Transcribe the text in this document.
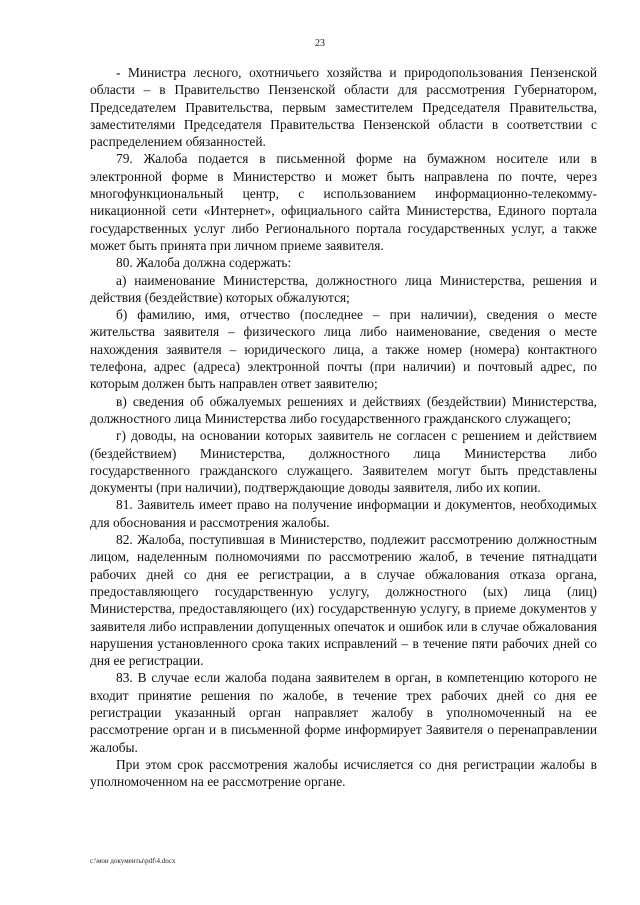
23

- Министра лесного, охотничьего хозяйства и природопользования Пензенской области – в Правительство Пензенской области для рассмотрения Губернатором, Председателем Правительства, первым заместителем Председателя Правительства, заместителями Председателя Правительства Пензенской области в соответствии с распределением обязанностей.

79. Жалоба подается в письменной форме на бумажном носителе или в электронной форме в Министерство и может быть направлена по почте, через многофункциональный центр, с использованием информационно-телекоммуникационной сети «Интернет», официального сайта Министерства, Единого портала государственных услуг либо Регионального портала государственных услуг, а также может быть принята при личном приеме заявителя.

80. Жалоба должна содержать:

а) наименование Министерства, должностного лица Министерства, решения и действия (бездействие) которых обжалуются;

б) фамилию, имя, отчество (последнее – при наличии), сведения о месте жительства заявителя – физического лица либо наименование, сведения о месте нахождения заявителя – юридического лица, а также номер (номера) контактного телефона, адрес (адреса) электронной почты (при наличии) и почтовый адрес, по которым должен быть направлен ответ заявителю;

в) сведения об обжалуемых решениях и действиях (бездействии) Министерства, должностного лица Министерства либо государственного гражданского служащего;

г) доводы, на основании которых заявитель не согласен с решением и действием (бездействием) Министерства, должностного лица Министерства либо государственного гражданского служащего. Заявителем могут быть представлены документы (при наличии), подтверждающие доводы заявителя, либо их копии.

81. Заявитель имеет право на получение информации и документов, необходимых для обоснования и рассмотрения жалобы.

82. Жалоба, поступившая в Министерство, подлежит рассмотрению должностным лицом, наделенным полномочиями по рассмотрению жалоб, в течение пятнадцати рабочих дней со дня ее регистрации, а в случае обжалования отказа органа, предоставляющего государственную услугу, должностного (ых) лица (лиц) Министерства, предоставляющего (их) государственную услугу, в приеме документов у заявителя либо исправлении допущенных опечаток и ошибок или в случае обжалования нарушения установленного срока таких исправлений – в течение пяти рабочих дней со дня ее регистрации.

83. В случае если жалоба подана заявителем в орган, в компетенцию которого не входит принятие решения по жалобе, в течение трех рабочих дней со дня ее регистрации указанный орган направляет жалобу в уполномоченный на ее рассмотрение орган и в письменной форме информирует Заявителя о перенаправлении жалобы.

При этом срок рассмотрения жалобы исчисляется со дня регистрации жалобы в уполномоченном на ее рассмотрение органе.

c:\мои документы\pdf\4.docx
